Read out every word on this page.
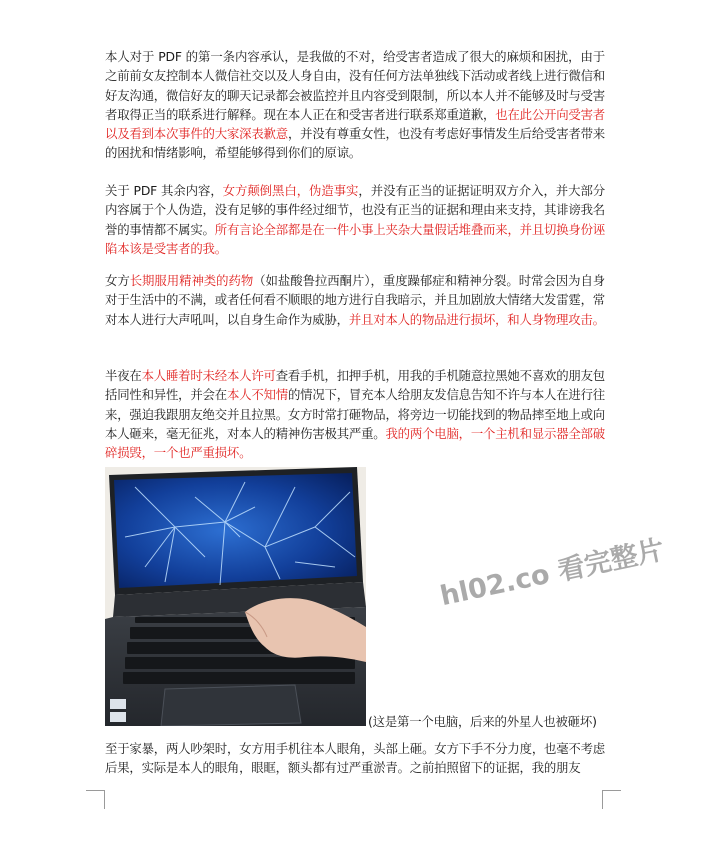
本人对于 PDF 的第一条内容承认，是我做的不对，给受害者造成了很大的麻烦和困扰，由于之前前女友控制本人微信社交以及人身自由，没有任何方法单独线下活动或者线上进行微信和好友沟通，微信好友的聊天记录都会被监控并且内容受到限制，所以本人并不能够及时与受害者取得正当的联系进行解释。现在本人正在和受害者进行联系郑重道歉，也在此公开向受害者以及看到本次事件的大家深表歉意，并没有尊重女性，也没有考虑好事情发生后给受害者带来的困扰和情绪影响，希望能够得到你们的原谅。
关于 PDF 其余内容，女方颠倒黑白，伪造事实，并没有正当的证据证明双方介入，并大部分内容属于个人伪造，没有足够的事件经过细节，也没有正当的证据和理由来支持，其诽谤我名誉的事情都不属实。所有言论全部都是在一件小事上夹杂大量假话堆叠而来，并且切换身份诬陷本该是受害者的我。
女方长期服用精神类的药物（如盐酸鲁拉西酮片），重度躁郁症和精神分裂。时常会因为自身对于生活中的不满，或者任何看不顺眼的地方进行自我暗示，并且加剧放大情绪大发雷霆，常对本人进行大声吼叫，以自身生命作为威胁，并且对本人的物品进行损坏，和人身物理攻击。
半夜在本人睡着时未经本人许可查看手机，扣押手机，用我的手机随意拉黑她不喜欢的朋友包括同性和异性，并会在本人不知情的情况下，冒充本人给朋友发信息告知不许与本人在进行往来，强迫我跟朋友绝交并且拉黑。女方时常打砸物品，将旁边一切能找到的物品摔至地上或向本人砸来，毫无征兆，对本人的精神伤害极其严重。我的两个电脑，一个主机和显示器全部破碎损毁，一个也严重损坏。
(这是第一个电脑，后来的外星人也被砸坏)
hl02.co 看完整片
至于家暴，两人吵架时，女方用手机往本人眼角，头部上砸。女方下手不分力度，也毫不考虑后果，实际是本人的眼角，眼眶，额头都有过严重淤青。之前拍照留下的证据，我的朋友
